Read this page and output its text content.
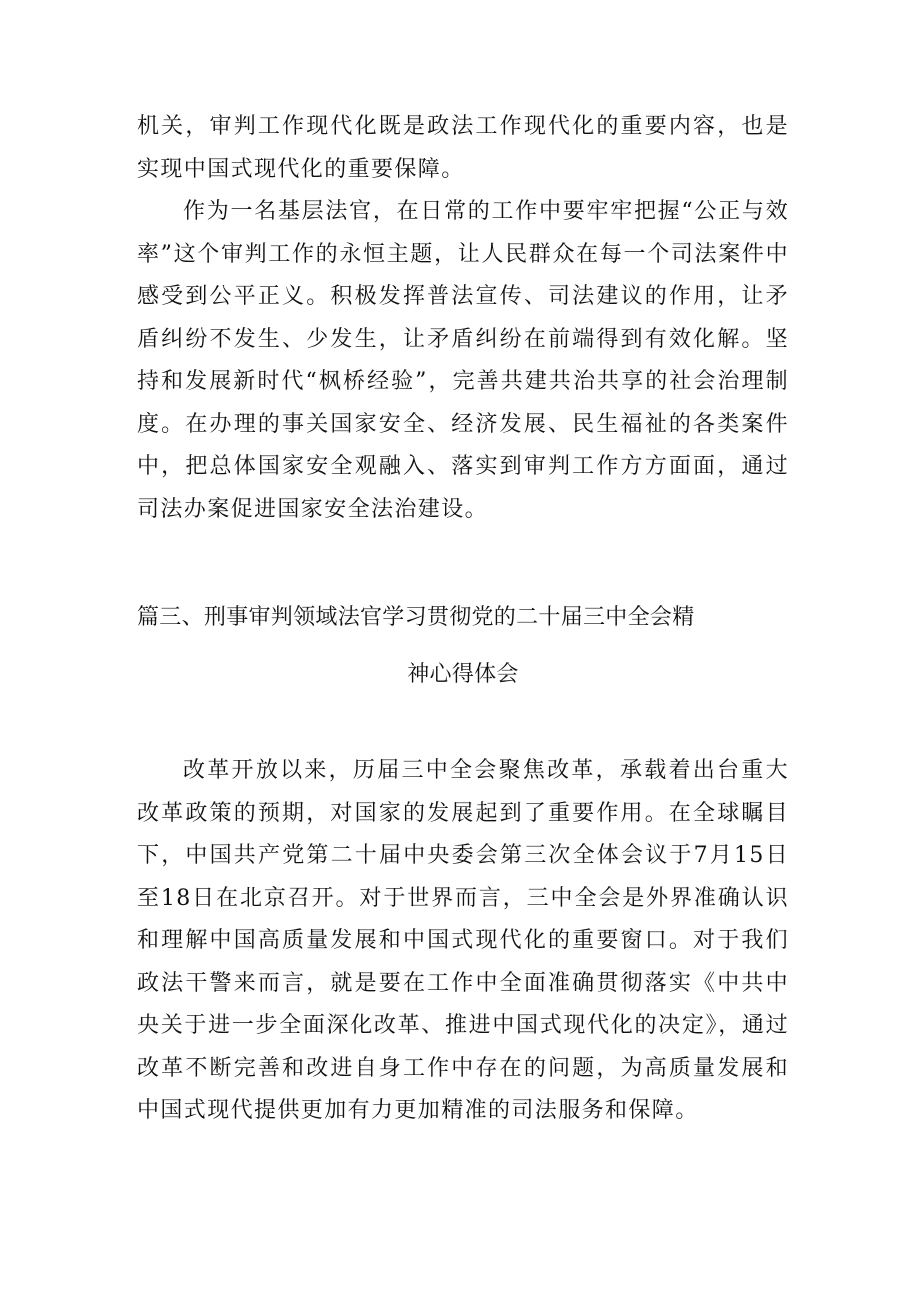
机关，审判工作现代化既是政法工作现代化的重要内容，也是实现中国式现代化的重要保障。

作为一名基层法官，在日常的工作中要牢牢把握“公正与效率”这个审判工作的永恒主题，让人民群众在每一个司法案件中感受到公平正义。积极发挥普法宣传、司法建议的作用，让矛盾纠纷不发生、少发生，让矛盾纠纷在前端得到有效化解。坚持和发展新时代“枫桥经验”，完善共建共治共享的社会治理制度。在办理的事关国家安全、经济发展、民生福祉的各类案件中，把总体国家安全观融入、落实到审判工作方方面面，通过司法办案促进国家安全法治建设。

篇三、刑事审判领域法官学习贯彻党的二十届三中全会精
神心得体会

改革开放以来，历届三中全会聚焦改革，承载着出台重大改革政策的预期，对国家的发展起到了重要作用。在全球瞩目下，中国共产党第二十届中央委会第三次全体会议于7月15日至18日在北京召开。对于世界而言，三中全会是外界准确认识和理解中国高质量发展和中国式现代化的重要窗口。对于我们政法干警来而言，就是要在工作中全面准确贯彻落实《中共中央关于进一步全面深化改革、推进中国式现代化的决定》，通过改革不断完善和改进自身工作中存在的问题，为高质量发展和中国式现代提供更加有力更加精准的司法服务和保障。
